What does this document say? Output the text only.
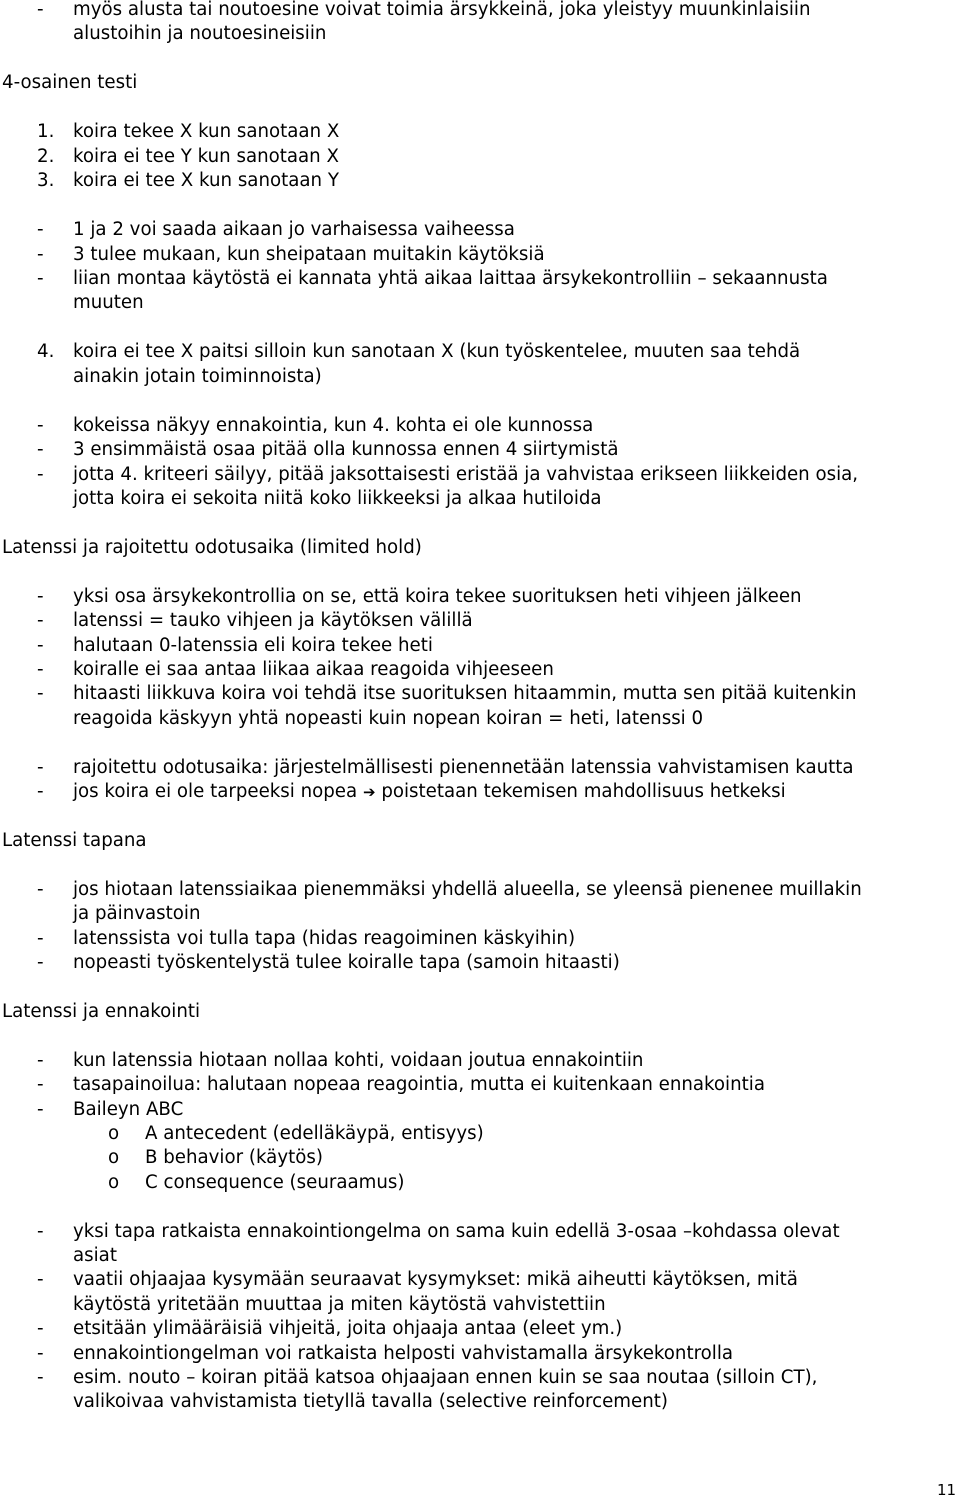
- myös alusta tai noutoesine voivat toimia ärsykkeinä, joka yleistyy muunkinlaisiin
alustoihin ja noutoesineisiin
4-osainen testi
1. koira tekee X kun sanotaan X
2. koira ei tee Y kun sanotaan X
3. koira ei tee X kun sanotaan Y
- 1 ja 2 voi saada aikaan jo varhaisessa vaiheessa
- 3 tulee mukaan, kun sheipataan muitakin käytöksiä
- liian montaa käytöstä ei kannata yhtä aikaa laittaa ärsykekontrolliin – sekaannusta
muuten
4. koira ei tee X paitsi silloin kun sanotaan X (kun työskentelee, muuten saa tehdä
ainakin jotain toiminnoista)
- kokeissa näkyy ennakointia, kun 4. kohta ei ole kunnossa
- 3 ensimmäistä osaa pitää olla kunnossa ennen 4 siirtymistä
- jotta 4. kriteeri säilyy, pitää jaksottaisesti eristää ja vahvistaa erikseen liikkeiden osia,
jotta koira ei sekoita niitä koko liikkeeksi ja alkaa hutiloida
Latenssi ja rajoitettu odotusaika (limited hold)
- yksi osa ärsykekontrollia on se, että koira tekee suorituksen heti vihjeen jälkeen
- latenssi = tauko vihjeen ja käytöksen välillä
- halutaan 0-latenssia eli koira tekee heti
- koiralle ei saa antaa liikaa aikaa reagoida vihjeeseen
- hitaasti liikkuva koira voi tehdä itse suorituksen hitaammin, mutta sen pitää kuitenkin
reagoida käskyyn yhtä nopeasti kuin nopean koiran = heti, latenssi 0
- rajoitettu odotusaika: järjestelmällisesti pienennetään latenssia vahvistamisen kautta
- jos koira ei ole tarpeeksi nopea ➔ poistetaan tekemisen mahdollisuus hetkeksi
Latenssi tapana
- jos hiotaan latenssiaikaa pienemmäksi yhdellä alueella, se yleensä pienenee muillakin
ja päinvastoin
- latenssista voi tulla tapa (hidas reagoiminen käskyihin)
- nopeasti työskentelystä tulee koiralle tapa (samoin hitaasti)
Latenssi ja ennakointi
- kun latenssia hiotaan nollaa kohti, voidaan joutua ennakointiin
- tasapainoilua: halutaan nopeaa reagointia, mutta ei kuitenkaan ennakointia
- Baileyn ABC
o A antecedent (edelläkäypä, entisyys)
o B behavior (käytös)
o C consequence (seuraamus)
- yksi tapa ratkaista ennakointiongelma on sama kuin edellä 3-osaa –kohdassa olevat
asiat
- vaatii ohjaajaa kysymään seuraavat kysymykset: mikä aiheutti käytöksen, mitä
käytöstä yritetään muuttaa ja miten käytöstä vahvistettiin
- etsitään ylimääräisiä vihjeitä, joita ohjaaja antaa (eleet ym.)
- ennakointiongelman voi ratkaista helposti vahvistamalla ärsykekontrolla
- esim. nouto – koiran pitää katsoa ohjaajaan ennen kuin se saa noutaa (silloin CT),
valikoivaa vahvistamista tietyllä tavalla (selective reinforcement)
11
